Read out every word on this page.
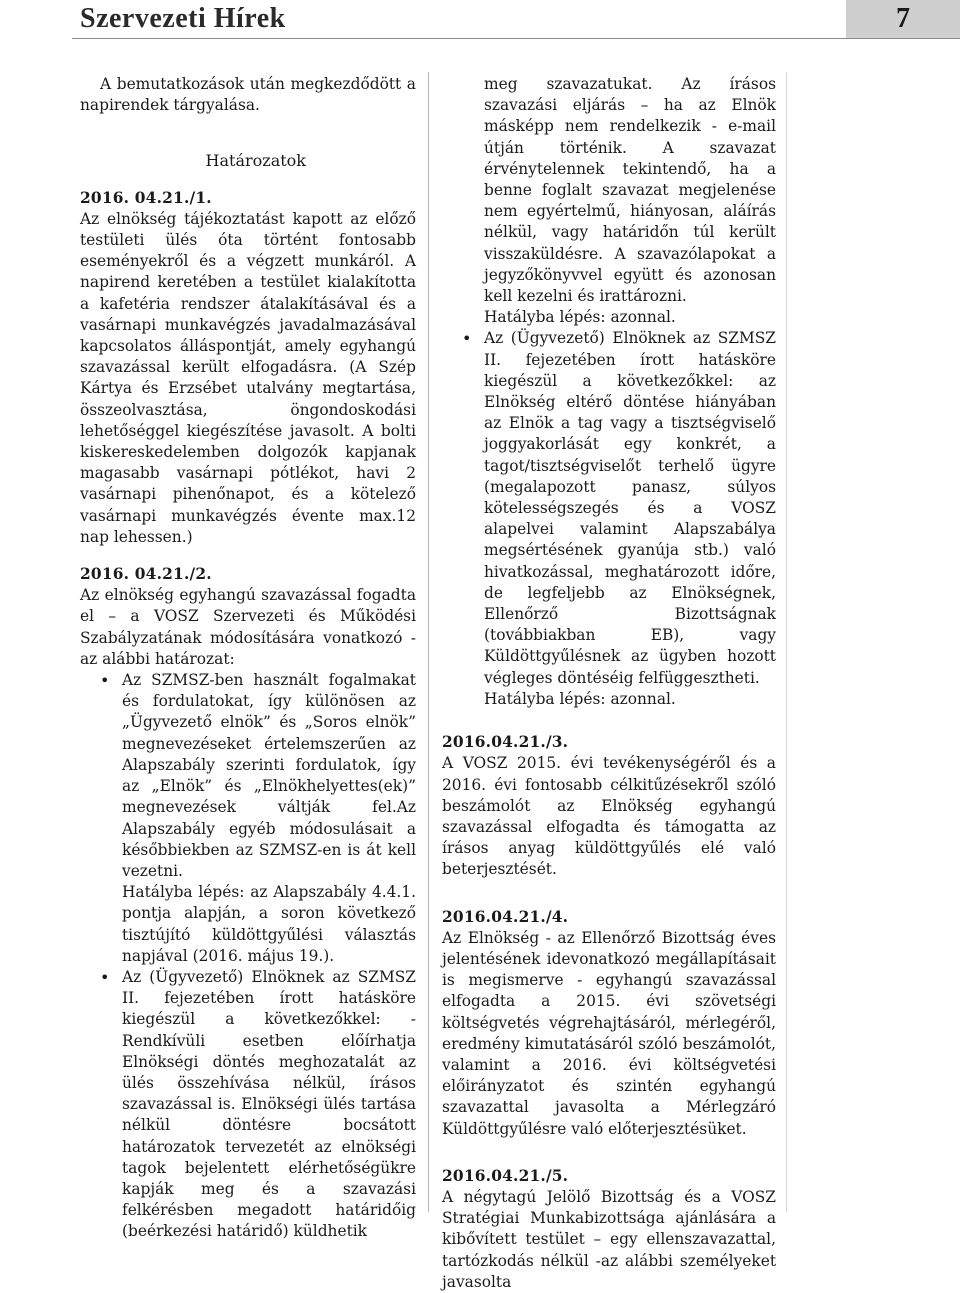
Szervezeti Hírek	7

A bemutatkozások után megkezdődött a napirendek tárgyalása.

Határozatok

2016. 04.21./1.

Az elnökség tájékoztatást kapott az előző testületi ülés óta történt fontosabb eseményekről és a végzett munkáról. A napirend keretében a testület kialakította a kafetéria rendszer átalakításával és a vasárnapi munkavégzés javadalmazásával kapcsolatos álláspontját, amely egyhangú szavazással került elfogadásra. (A Szép Kártya és Erzsébet utalvány megtartása, összeolvasztása, öngondoskodási lehetőséggel kiegészítése javasolt. A bolti kiskereskedelemben dolgozók kapjanak magasabb vasárnapi pótlékot, havi 2 vasárnapi pihenőnapot, és a kötelező vasárnapi munkavégzés évente max.12 nap lehessen.)

2016. 04.21./2.

Az elnökség egyhangú szavazással fogadta el – a VOSZ Szervezeti és Működési Szabályzatának módosítására vonatkozó - az alábbi határozat:

• Az SZMSZ-ben használt fogalmakat és fordulatokat, így különösen az „Ügyvezető elnök” és „Soros elnök” megnevezéseket értelemszerűen az Alapszabály szerinti fordulatok, így az „Elnök” és „Elnökhelyettes(ek)” megnevezések váltják fel.Az Alapszabály egyéb módosulásait a későbbiekben az SZMSZ-en is át kell vezetni.
Hatályba lépés: az Alapszabály 4.4.1. pontja alapján, a soron következő tisztújító küldöttgyűlési választás napjával (2016. május 19.).
• Az (Ügyvezető) Elnöknek az SZMSZ II. fejezetében írott hatásköre kiegészül a következőkkel: - Rendkívüli esetben előírhatja Elnökségi döntés meghozatalát az ülés összehívása nélkül, írásos szavazással is. Elnökségi ülés tartása nélkül döntésre bocsátott határozatok tervezetét az elnökségi tagok bejelentett elérhetőségükre kapják meg és a szavazási felkérésben megadott határidőig (beérkezési határidő) küldhetik

meg szavazatukat. Az írásos szavazási eljárás – ha az Elnök másképp nem rendelkezik - e-mail útján történik. A szavazat érvénytelennek tekintendő, ha a benne foglalt szavazat megjelenése nem egyértelmű, hiányosan, aláírás nélkül, vagy határidőn túl került visszaküldésre. A szavazólapokat a jegyzőkönyvvel együtt és azonosan kell kezelni és irattározni.

Hatályba lépés: azonnal.

• Az (Ügyvezető) Elnöknek az SZMSZ II. fejezetében írott hatásköre kiegészül a következőkkel: az Elnökség eltérő döntése hiányában az Elnök a tag vagy a tisztségviselő joggyakorlását egy konkrét, a tagot/tisztségviselőt terhelő ügyre (megalapozott panasz, súlyos kötelességszegés és a VOSZ alapelvei valamint Alapszabálya megsértésének gyanúja stb.) való hivatkozással, meghatározott időre, de legfeljebb az Elnökségnek, Ellenőrző Bizottságnak (továbbiakban EB), vagy Küldöttgyűlésnek az ügyben hozott végleges döntéséig felfüggesztheti.
Hatályba lépés: azonnal.

2016.04.21./3.

A VOSZ 2015. évi tevékenységéről és a 2016. évi fontosabb célkitűzésekről szóló beszámolót az Elnökség egyhangú szavazással elfogadta és támogatta az írásos anyag küldöttgyűlés elé való beterjesztését.

2016.04.21./4.

Az Elnökség - az Ellenőrző Bizottság éves jelentésének idevonatkozó megállapításait is megismerve - egyhangú szavazással elfogadta a 2015. évi szövetségi költségvetés végrehajtásáról, mérlegéről, eredmény kimutatásáról szóló beszámolót, valamint a 2016. évi költségvetési előirányzatot és szintén egyhangú szavazattal javasolta a Mérlegzáró Küldöttgyűlésre való előterjesztésüket.

2016.04.21./5.

A négytagú Jelölő Bizottság és a VOSZ Stratégiai Munkabizottsága ajánlására a kibővített testület – egy ellenszavazattal, tartózkodás nélkül -az alábbi személyeket javasolta
